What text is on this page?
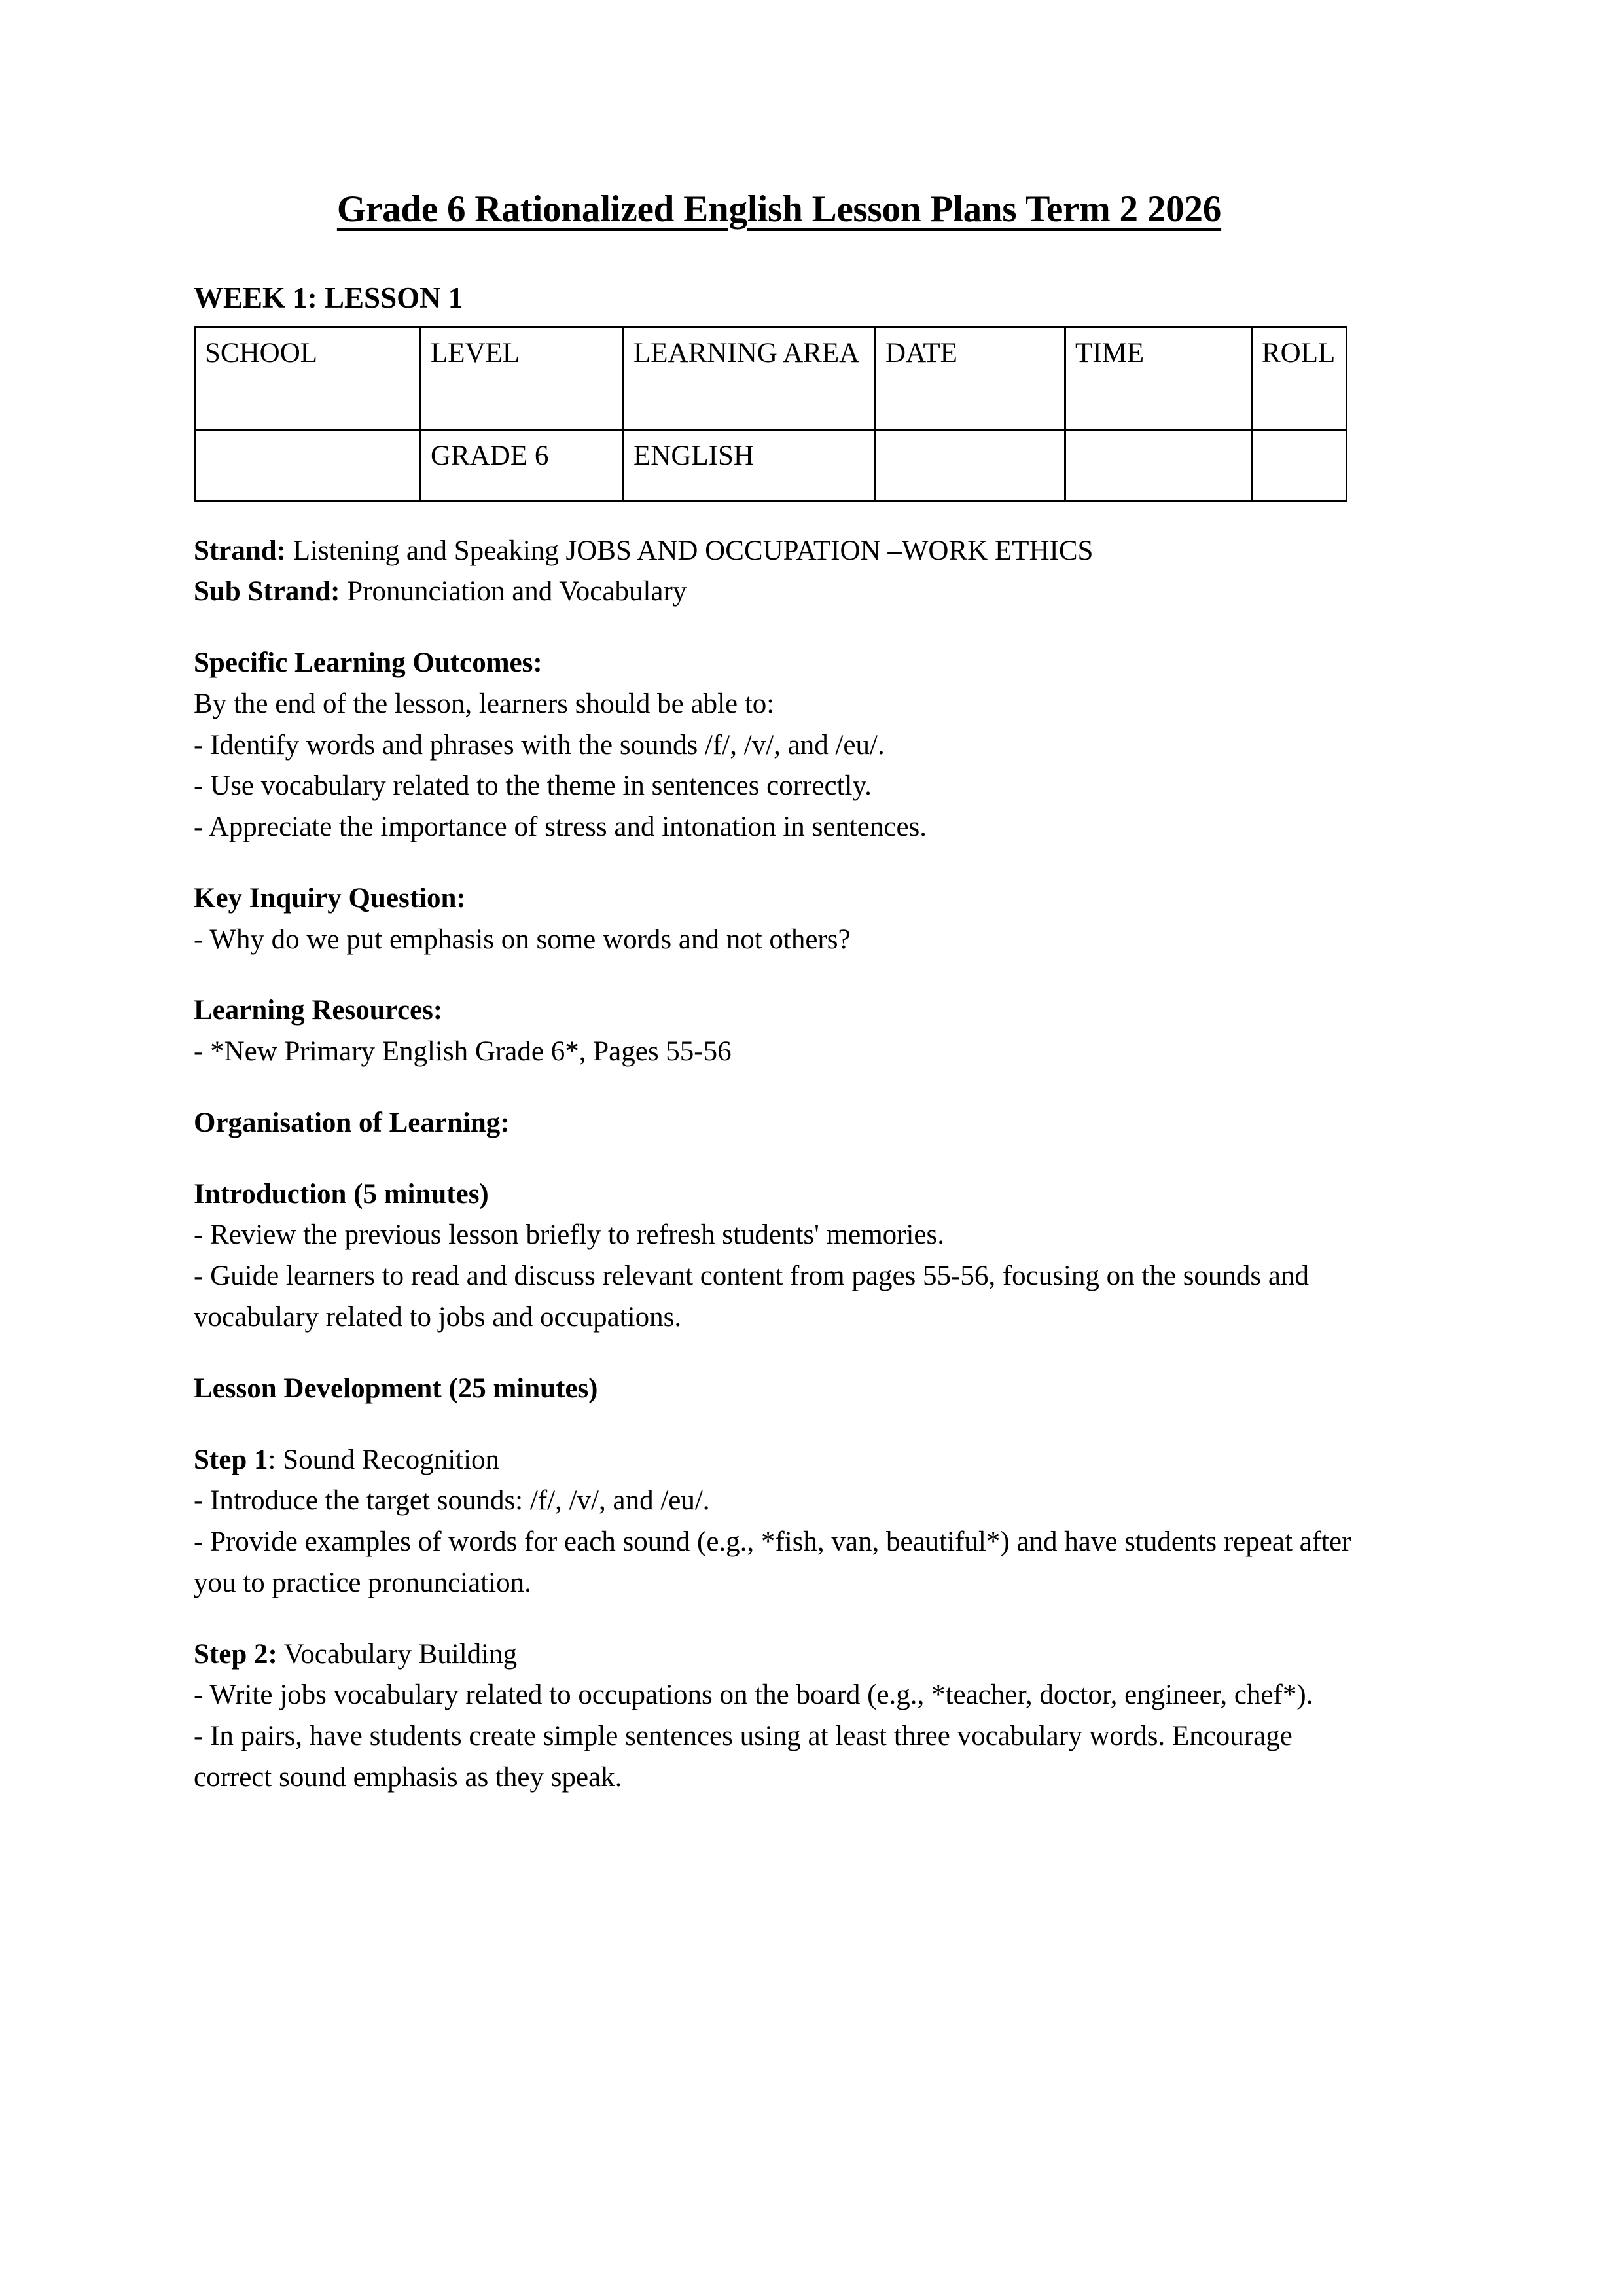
Grade 6 Rationalized English Lesson Plans Term 2 2026
WEEK 1: LESSON 1
SCHOOL	LEVEL	LEARNING AREA	DATE	TIME	ROLL
	GRADE 6	ENGLISH			

Strand: Listening and Speaking JOBS AND OCCUPATION –WORK ETHICS

Sub Strand: Pronunciation and Vocabulary

Specific Learning Outcomes:

By the end of the lesson, learners should be able to:

- Identify words and phrases with the sounds /f/, /v/, and /eu/.

- Use vocabulary related to the theme in sentences correctly.

- Appreciate the importance of stress and intonation in sentences.

Key Inquiry Question:

- Why do we put emphasis on some words and not others?

Learning Resources:

- *New Primary English Grade 6*, Pages 55-56

Organisation of Learning:

Introduction (5 minutes)

- Review the previous lesson briefly to refresh students' memories.

- Guide learners to read and discuss relevant content from pages 55-56, focusing on the sounds and vocabulary related to jobs and occupations.

Lesson Development (25 minutes)

Step 1: Sound Recognition

- Introduce the target sounds: /f/, /v/, and /eu/.

- Provide examples of words for each sound (e.g., *fish, van, beautiful*) and have students repeat after you to practice pronunciation.

Step 2: Vocabulary Building

- Write jobs vocabulary related to occupations on the board (e.g., *teacher, doctor, engineer, chef*).

- In pairs, have students create simple sentences using at least three vocabulary words. Encourage correct sound emphasis as they speak.
